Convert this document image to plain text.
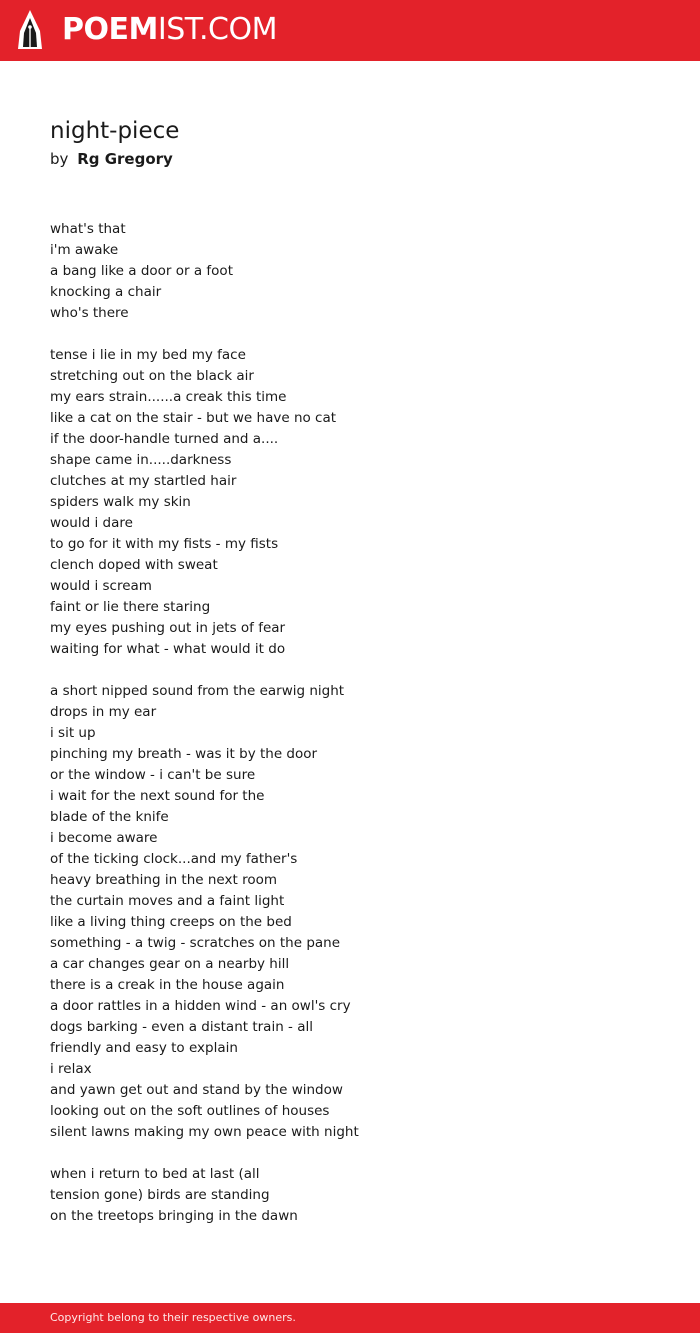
POEMIST.COM
night-piece
by Rg Gregory
what's that
i'm awake
a bang like a door or a foot
knocking a chair
who's there
tense i lie in my bed my face
stretching out on the black air
my ears strain......a creak this time
like a cat on the stair - but we have no cat
if the door-handle turned and a....
shape came in.....darkness
clutches at my startled hair
spiders walk my skin
would i dare
to go for it with my fists - my fists
clench doped with sweat
would i scream
faint or lie there staring
my eyes pushing out in jets of fear
waiting for what - what would it do
a short nipped sound from the earwig night
drops in my ear
i sit up
pinching my breath - was it by the door
or the window - i can't be sure
i wait for the next sound for the
blade of the knife
i become aware
of the ticking clock...and my father's
heavy breathing in the next room
the curtain moves and a faint light
like a living thing creeps on the bed
something - a twig - scratches on the pane
a car changes gear on a nearby hill
there is a creak in the house again
a door rattles in a hidden wind - an owl's cry
dogs barking - even a distant train - all
friendly and easy to explain
i relax
and yawn get out and stand by the window
looking out on the soft outlines of houses
silent lawns making my own peace with night
when i return to bed at last (all
tension gone) birds are standing
on the treetops bringing in the dawn
Copyright belong to their respective owners.
